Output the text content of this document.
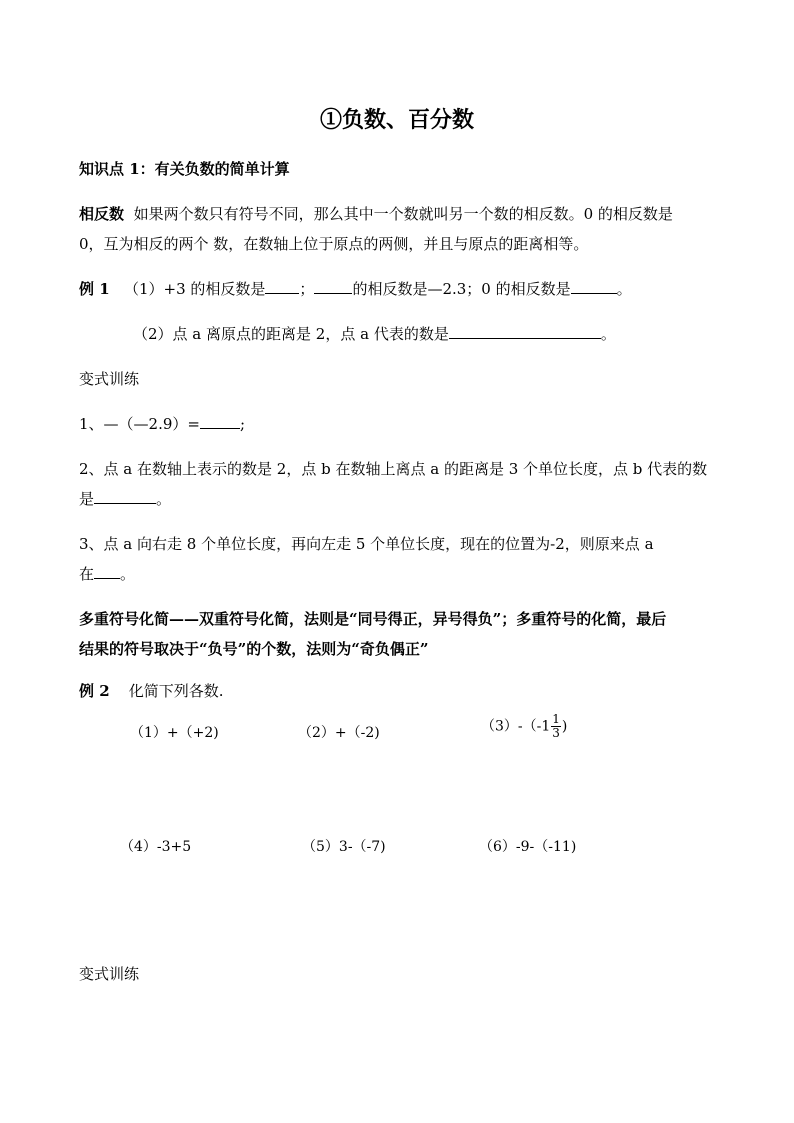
①负数、百分数
知识点 1：有关负数的简单计算
相反数 如果两个数只有符号不同，那么其中一个数就叫另一个数的相反数。0 的相反数是
0，互为相反的两个 数，在数轴上位于原点的两侧，并且与原点的距离相等。
例 1 （1）+3 的相反数是 ；	的相反数是—2.3；0 的相反数是	。
（2）点 a 离原点的距离是 2，点 a 代表的数是	。
变式训练
1、—（—2.9）=	;
2、点 a 在数轴上表示的数是 2，点 b 在数轴上离点 a 的距离是 3 个单位长度，点 b 代表的数
是	。
3、点 a 向右走 8 个单位长度，再向左走 5 个单位长度，现在的位置为-2，则原来点 a
在 。
多重符号化简——双重符号化简，法则是“同号得正，异号得负”；多重符号的化简，最后
结果的符号取决于“负号”的个数，法则为“奇负偶正”
例 2 化简下列各数.
（1）+（+2)	（2）+（-2)	$(3)-(-1 \frac{1}{3}$ )
（4）-3+5	（5）3-（-7)	（6）-9-（-11)
变式训练
